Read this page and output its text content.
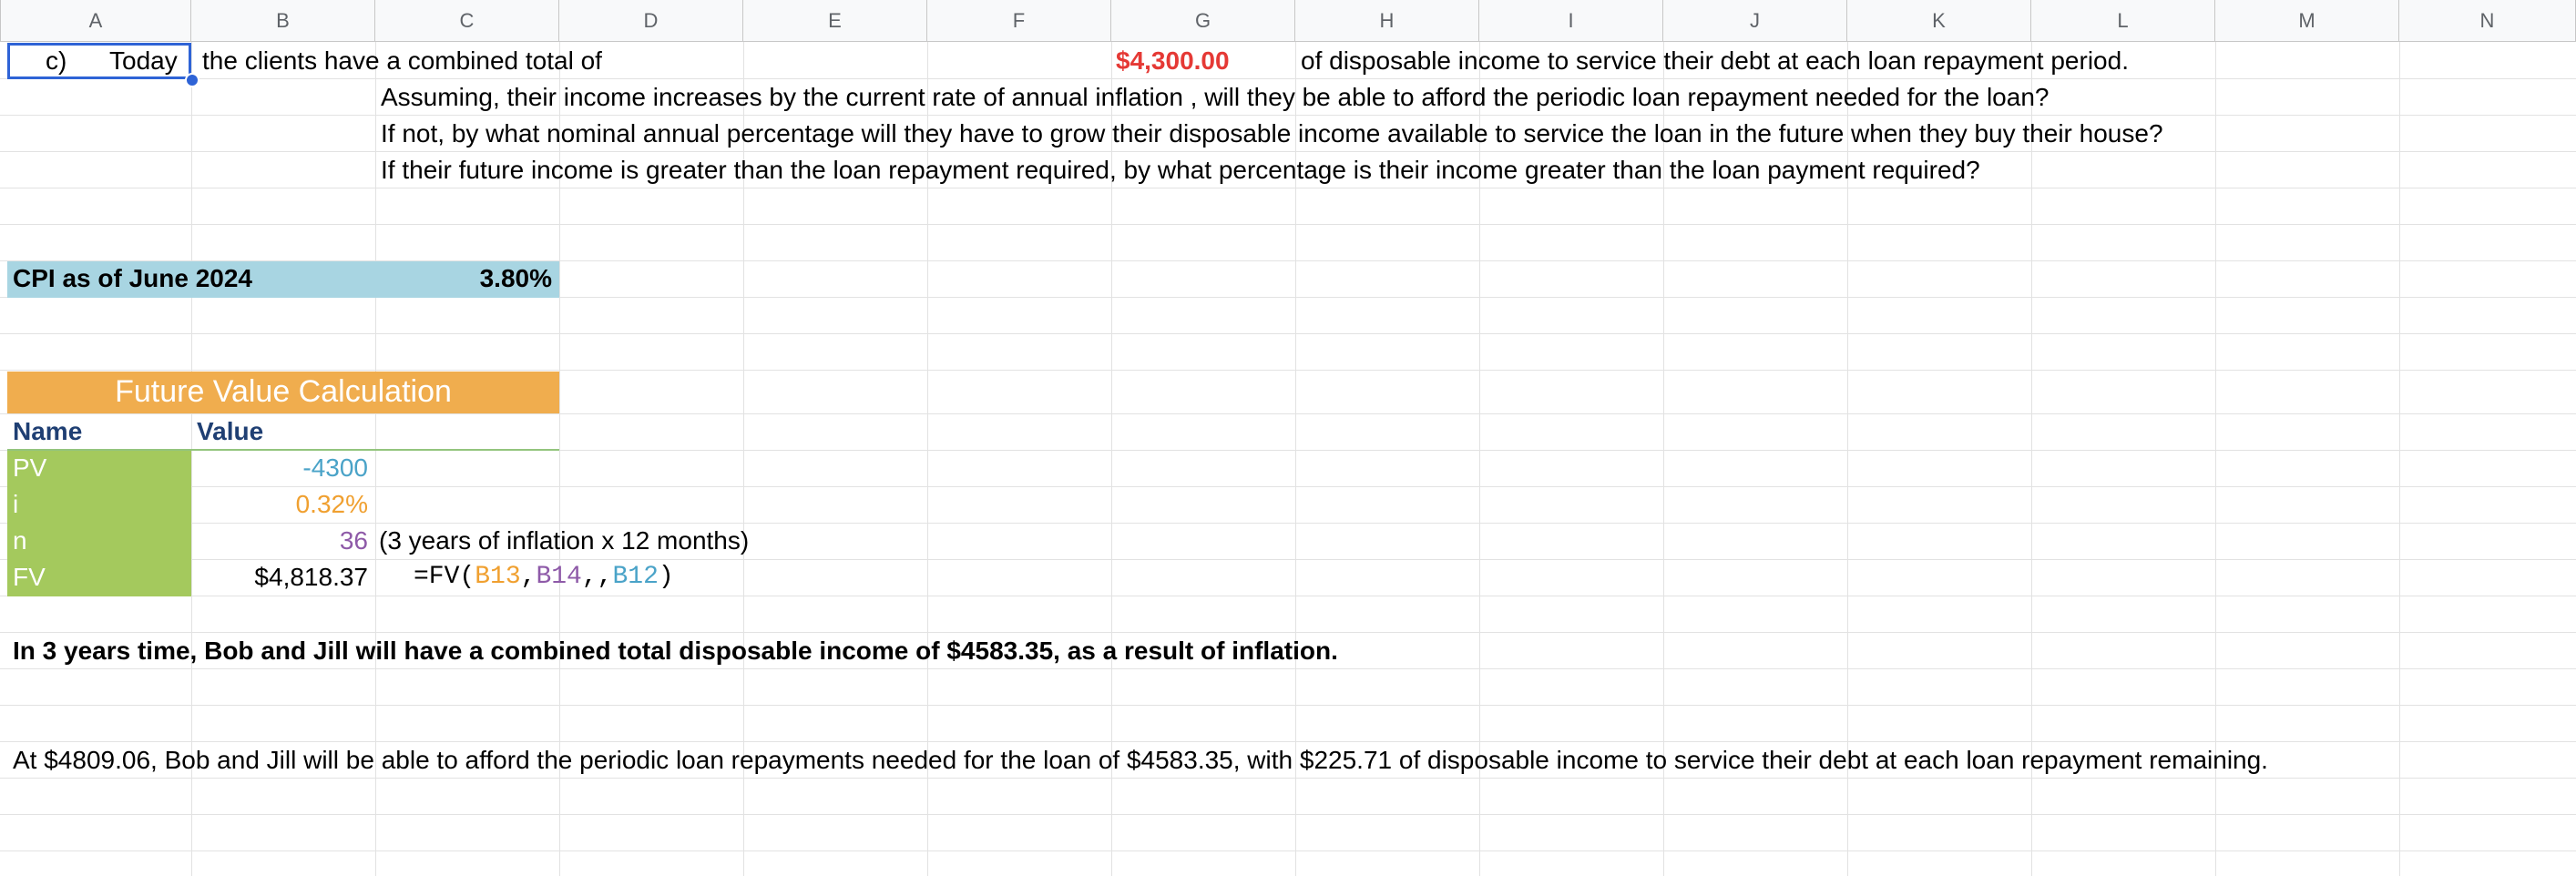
A	B	C	D	E	F	G	H	I	J	K	L	M	N
c) Today the clients have a combined total of	$4,300.00	of disposable income to service their debt at each loan repayment period.
Assuming, their income increases by the current rate of annual inflation , will they be able to afford the periodic loan repayment needed for the loan?
If not, by what nominal annual percentage will they have to grow their disposable income available to service the loan in the future when they buy their house?
If their future income is greater than the loan repayment required, by what percentage is their income greater than the loan payment required?
CPI as of June 2024	3.80%
Future Value Calculation
Name	Value
PV	-4300
i	0.32%
n	36 (3 years of inflation x 12 months)
FV	$4,818.37 =FV(B13,B14,,B12)
In 3 years time, Bob and Jill will have a combined total disposable income of $4583.35, as a result of inflation.
At $4809.06, Bob and Jill will be able to afford the periodic loan repayments needed for the loan of $4583.35, with $225.71 of disposable income to service their debt at each loan repayment remaining.
